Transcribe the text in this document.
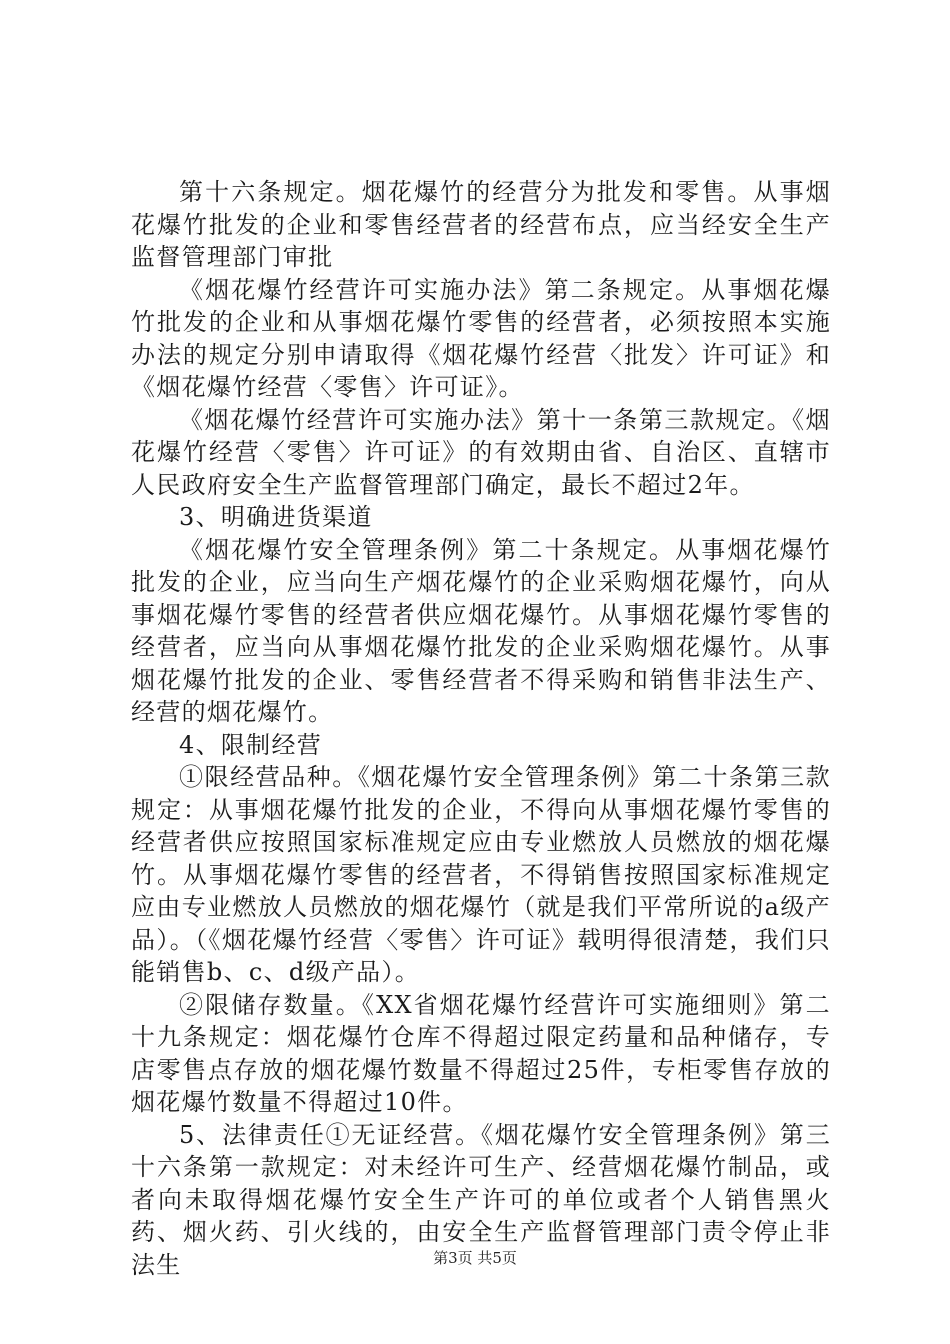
第十六条规定。烟花爆竹的经营分为批发和零售。从事烟花爆竹批发的企业和零售经营者的经营布点，应当经安全生产监督管理部门审批

《烟花爆竹经营许可实施办法》第二条规定。从事烟花爆竹批发的企业和从事烟花爆竹零售的经营者，必须按照本实施办法的规定分别申请取得《烟花爆竹经营〈批发〉许可证》和《烟花爆竹经营〈零售〉许可证》。

《烟花爆竹经营许可实施办法》第十一条第三款规定。《烟花爆竹经营〈零售〉许可证》的有效期由省、自治区、直辖市人民政府安全生产监督管理部门确定，最长不超过2年。

3、明确进货渠道

《烟花爆竹安全管理条例》第二十条规定。从事烟花爆竹批发的企业，应当向生产烟花爆竹的企业采购烟花爆竹，向从事烟花爆竹零售的经营者供应烟花爆竹。从事烟花爆竹零售的经营者，应当向从事烟花爆竹批发的企业采购烟花爆竹。从事烟花爆竹批发的企业、零售经营者不得采购和销售非法生产、经营的烟花爆竹。

4、限制经营

①限经营品种。《烟花爆竹安全管理条例》第二十条第三款规定：从事烟花爆竹批发的企业，不得向从事烟花爆竹零售的经营者供应按照国家标准规定应由专业燃放人员燃放的烟花爆竹。从事烟花爆竹零售的经营者，不得销售按照国家标准规定应由专业燃放人员燃放的烟花爆竹（就是我们平常所说的a级产品）。（《烟花爆竹经营〈零售〉许可证》载明得很清楚，我们只能销售b、c、d级产品）。

②限储存数量。《XX省烟花爆竹经营许可实施细则》第二十九条规定：烟花爆竹仓库不得超过限定药量和品种储存，专店零售点存放的烟花爆竹数量不得超过25件，专柜零售存放的烟花爆竹数量不得超过10件。

5、法律责任①无证经营。《烟花爆竹安全管理条例》第三十六条第一款规定：对未经许可生产、经营烟花爆竹制品，或者向未取得烟花爆竹安全生产许可的单位或者个人销售黑火药、烟火药、引火线的，由安全生产监督管理部门责令停止非法生	第3页 共5页
